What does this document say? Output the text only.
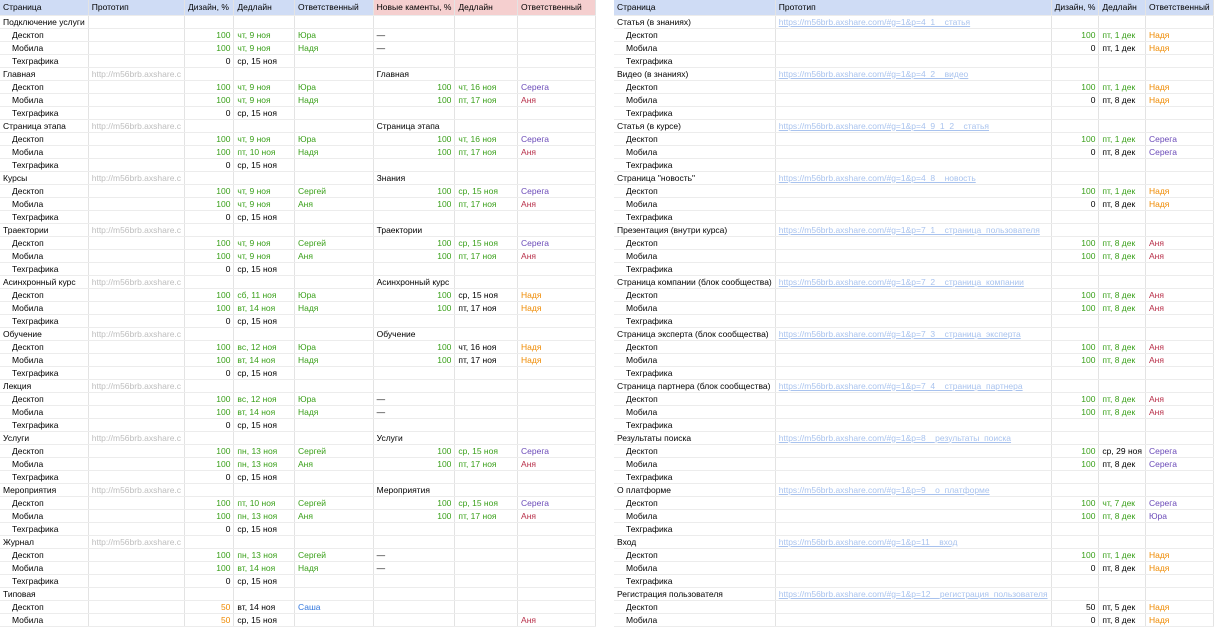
Страница	Прототип	Дизайн, %	Дедлайн	Ответственный	Новые каменты, %	Дедлайн	Ответственный
Подключение услуги							
Десктоп		100	чт, 9 ноя	Юра	—		
Мобила		100	чт, 9 ноя	Надя	—		
Техграфика		0	ср, 15 ноя				
Главная	http://m56brb.axshare.c				Главная		
Десктоп		100	чт, 9 ноя	Юра	100	чт, 16 ноя	Серега
Мобила		100	чт, 9 ноя	Надя	100	пт, 17 ноя	Аня
Техграфика		0	ср, 15 ноя				
Страница этапа	http://m56brb.axshare.c				Страница этапа		
Десктоп		100	чт, 9 ноя	Юра	100	чт, 16 ноя	Серега
Мобила		100	пт, 10 ноя	Надя	100	пт, 17 ноя	Аня
Техграфика		0	ср, 15 ноя				
Курсы	http://m56brb.axshare.c				Знания		
Десктоп		100	чт, 9 ноя	Сергей	100	ср, 15 ноя	Серега
Мобила		100	чт, 9 ноя	Аня	100	пт, 17 ноя	Аня
Техграфика		0	ср, 15 ноя				
Траектории	http://m56brb.axshare.c				Траектории		
Десктоп		100	чт, 9 ноя	Сергей	100	ср, 15 ноя	Серега
Мобила		100	чт, 9 ноя	Аня	100	пт, 17 ноя	Аня
Техграфика		0	ср, 15 ноя				
Асинхронный курс	http://m56brb.axshare.c				Асинхронный курс		
Десктоп		100	сб, 11 ноя	Юра	100	ср, 15 ноя	Надя
Мобила		100	вт, 14 ноя	Надя	100	пт, 17 ноя	Надя
Техграфика		0	ср, 15 ноя				
Обучение	http://m56brb.axshare.c				Обучение		
Десктоп		100	вс, 12 ноя	Юра	100	чт, 16 ноя	Надя
Мобила		100	вт, 14 ноя	Надя	100	пт, 17 ноя	Надя
Техграфика		0	ср, 15 ноя				
Лекция	http://m56brb.axshare.c						
Десктоп		100	вс, 12 ноя	Юра	—		
Мобила		100	вт, 14 ноя	Надя	—		
Техграфика		0	ср, 15 ноя				
Услуги	http://m56brb.axshare.c				Услуги		
Десктоп		100	пн, 13 ноя	Сергей	100	ср, 15 ноя	Серега
Мобила		100	пн, 13 ноя	Аня	100	пт, 17 ноя	Аня
Техграфика		0	ср, 15 ноя				
Мероприятия	http://m56brb.axshare.c				Мероприятия		
Десктоп		100	пт, 10 ноя	Сергей	100	ср, 15 ноя	Серега
Мобила		100	пн, 13 ноя	Аня	100	пт, 17 ноя	Аня
Техграфика		0	ср, 15 ноя				
Журнал	http://m56brb.axshare.c						
Десктоп		100	пн, 13 ноя	Сергей	—		
Мобила		100	вт, 14 ноя	Надя	—		
Техграфика		0	ср, 15 ноя				
Типовая							
Десктоп		50	вт, 14 ноя	Саша			
Мобила		50	ср, 15 ноя				Аня
Страница	Прототип	Дизайн, %	Дедлайн	Ответственный
Статья (в знаниях)	https://m56brb.axshare.com/#g=1&p=4_1__статья			
Десктоп		100	пт, 1 дек	Надя
Мобила		0	пт, 1 дек	Надя
Техграфика				
Видео (в знаниях)	https://m56brb.axshare.com/#g=1&p=4_2__видео			
Десктоп		100	пт, 1 дек	Надя
Мобила		0	пт, 8 дек	Надя
Техграфика				
Статья (в курсе)	https://m56brb.axshare.com/#g=1&p=4_9_1_2__статья			
Десктоп		100	пт, 1 дек	Серега
Мобила		0	пт, 8 дек	Серега
Техграфика				
Страница "новость"	https://m56brb.axshare.com/#g=1&p=4_8__новость			
Десктоп		100	пт, 1 дек	Надя
Мобила		0	пт, 8 дек	Надя
Техграфика				
Презентация (внутри курса)	https://m56brb.axshare.com/#g=1&p=7_1__страница_пользователя			
Десктоп		100	пт, 8 дек	Аня
Мобила		100	пт, 8 дек	Аня
Техграфика				
Страница компании (блок сообщества)	https://m56brb.axshare.com/#g=1&p=7_2__страница_компании			
Десктоп		100	пт, 8 дек	Аня
Мобила		100	пт, 8 дек	Аня
Техграфика				
Страница эксперта (блок сообщества)	https://m56brb.axshare.com/#g=1&p=7_3__страница_эксперта			
Десктоп		100	пт, 8 дек	Аня
Мобила		100	пт, 8 дек	Аня
Техграфика				
Страница партнера (блок сообщества)	https://m56brb.axshare.com/#g=1&p=7_4__страница_партнера			
Десктоп		100	пт, 8 дек	Аня
Мобила		100	пт, 8 дек	Аня
Техграфика				
Результаты поиска	https://m56brb.axshare.com/#g=1&p=8__результаты_поиска			
Десктоп		100	ср, 29 ноя	Серега
Мобила		100	пт, 8 дек	Серега
Техграфика				
О платформе	https://m56brb.axshare.com/#g=1&p=9__о_платформе			
Десктоп		100	чт, 7 дек	Серега
Мобила		100	пт, 8 дек	Юра
Техграфика				
Вход	https://m56brb.axshare.com/#g=1&p=11__вход			
Десктоп		100	пт, 1 дек	Надя
Мобила		0	пт, 8 дек	Надя
Техграфика				
Регистрация пользователя	https://m56brb.axshare.com/#g=1&p=12__регистрация_пользователя			
Десктоп		50	пт, 5 дек	Надя
Мобила		0	пт, 8 дек	Надя
